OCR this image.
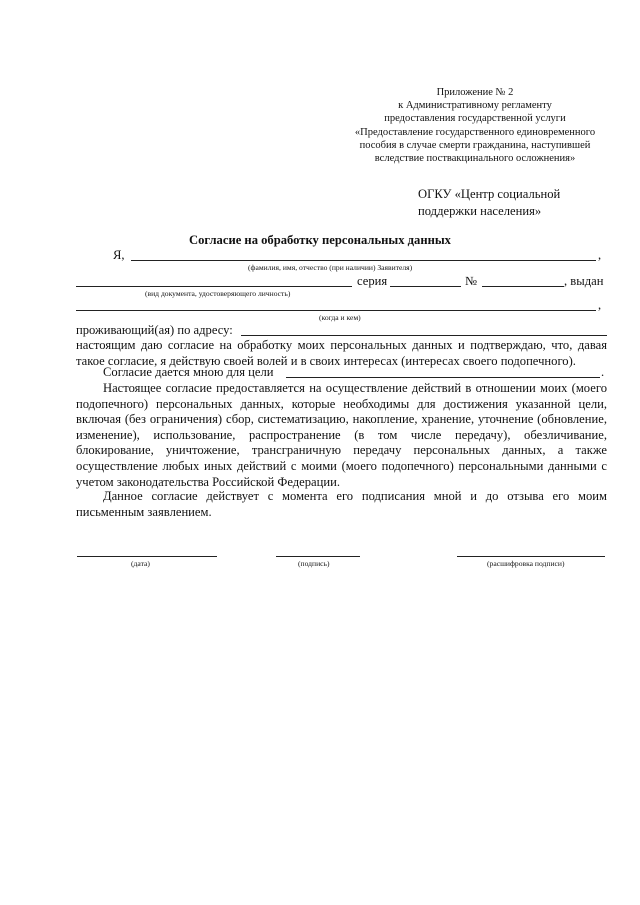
Приложение № 2
к Административному регламенту
предоставления государственной услуги
«Предоставление государственного единовременного
пособия в случае смерти гражданина, наступившей
вследствие поствакцинального осложнения»
ОГКУ «Центр социальной
поддержки населения»
Согласие на обработку персональных данных
Я,	,
(фамилия, имя, отчество (при наличии) Заявителя)
серия	№	, выдан
(вид документа, удостоверяющего личность)
,
(когда и кем)
проживающий(ая) по адресу:
настоящим даю согласие на обработку моих персональных данных и подтверждаю, что, давая такое согласие, я действую своей волей и в своих интересах (интересах своего подопечного).
Согласие дается мною для цели	.
Настоящее согласие предоставляется на осуществление действий в отношении моих (моего подопечного) персональных данных, которые необходимы для достижения указанной цели, включая (без ограничения) сбор, систематизацию, накопление, хранение, уточнение (обновление, изменение), использование, распространение (в том числе передачу), обезличивание, блокирование, уничтожение, трансграничную передачу персональных данных, а также осуществление любых иных действий с моими (моего подопечного) персональными данными с учетом законодательства Российской Федерации.
Данное согласие действует с момента его подписания мной и до отзыва его моим письменным заявлением.
(дата)	(подпись)	(расшифровка подписи)
